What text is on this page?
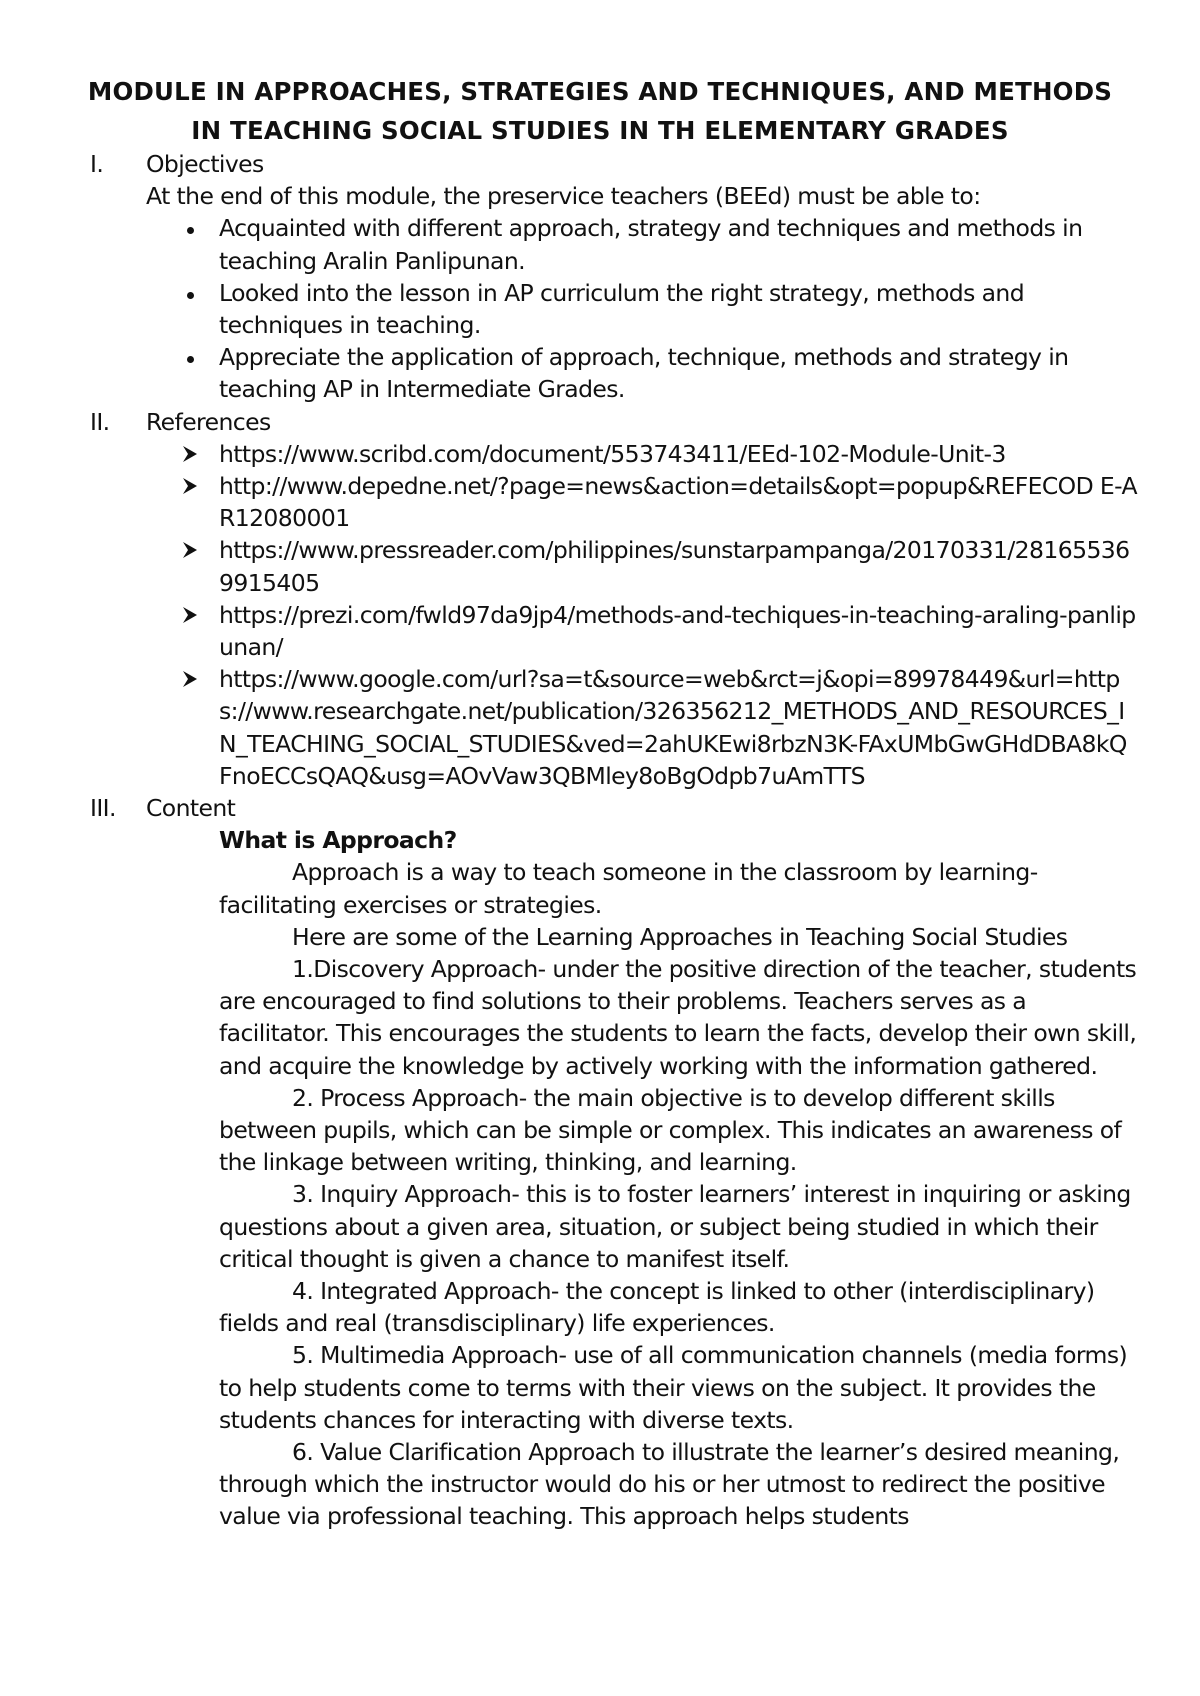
MODULE IN APPROACHES, STRATEGIES AND TECHNIQUES, AND METHODS
IN TEACHING SOCIAL STUDIES IN TH ELEMENTARY GRADES
I. Objectives
At the end of this module, the preservice teachers (BEEd) must be able to:
Acquainted with different approach, strategy and techniques and methods in teaching Aralin Panlipunan.
Looked into the lesson in AP curriculum the right strategy, methods and techniques in teaching.
Appreciate the application of approach, technique, methods and strategy in teaching AP in Intermediate Grades.
II. References
https://www.scribd.com/document/553743411/EEd-102-Module-Unit-3
http://www.depedne.net/?page=news&action=details&opt=popup&REFECOD E-AR12080001
https://www.pressreader.com/philippines/sunstarpampanga/20170331/281655369915405
https://prezi.com/fwld97da9jp4/methods-and-techiques-in-teaching-araling-panlipunan/
https://www.google.com/url?sa=t&source=web&rct=j&opi=89978449&url=https://www.researchgate.net/publication/326356212_METHODS_AND_RESOURCES_IN_TEACHING_SOCIAL_STUDIES&ved=2ahUKEwi8rbzN3K-FAxUMbGwGHdDBA8kQFnoECCsQAQ&usg=AOvVaw3QBMley8oBgOdpb7uAmTTS
III. Content
What is Approach?
Approach is a way to teach someone in the classroom by learning-facilitating exercises or strategies.
Here are some of the Learning Approaches in Teaching Social Studies
1.Discovery Approach- under the positive direction of the teacher, students are encouraged to find solutions to their problems. Teachers serves as a facilitator. This encourages the students to learn the facts, develop their own skill, and acquire the knowledge by actively working with the information gathered.
2. Process Approach- the main objective is to develop different skills between pupils, which can be simple or complex. This indicates an awareness of the linkage between writing, thinking, and learning.
3. Inquiry Approach- this is to foster learners’ interest in inquiring or asking questions about a given area, situation, or subject being studied in which their critical thought is given a chance to manifest itself.
4. Integrated Approach- the concept is linked to other (interdisciplinary) fields and real (transdisciplinary) life experiences.
5. Multimedia Approach- use of all communication channels (media forms) to help students come to terms with their views on the subject. It provides the students chances for interacting with diverse texts.
6. Value Clarification Approach to illustrate the learner’s desired meaning, through which the instructor would do his or her utmost to redirect the positive value via professional teaching. This approach helps students
